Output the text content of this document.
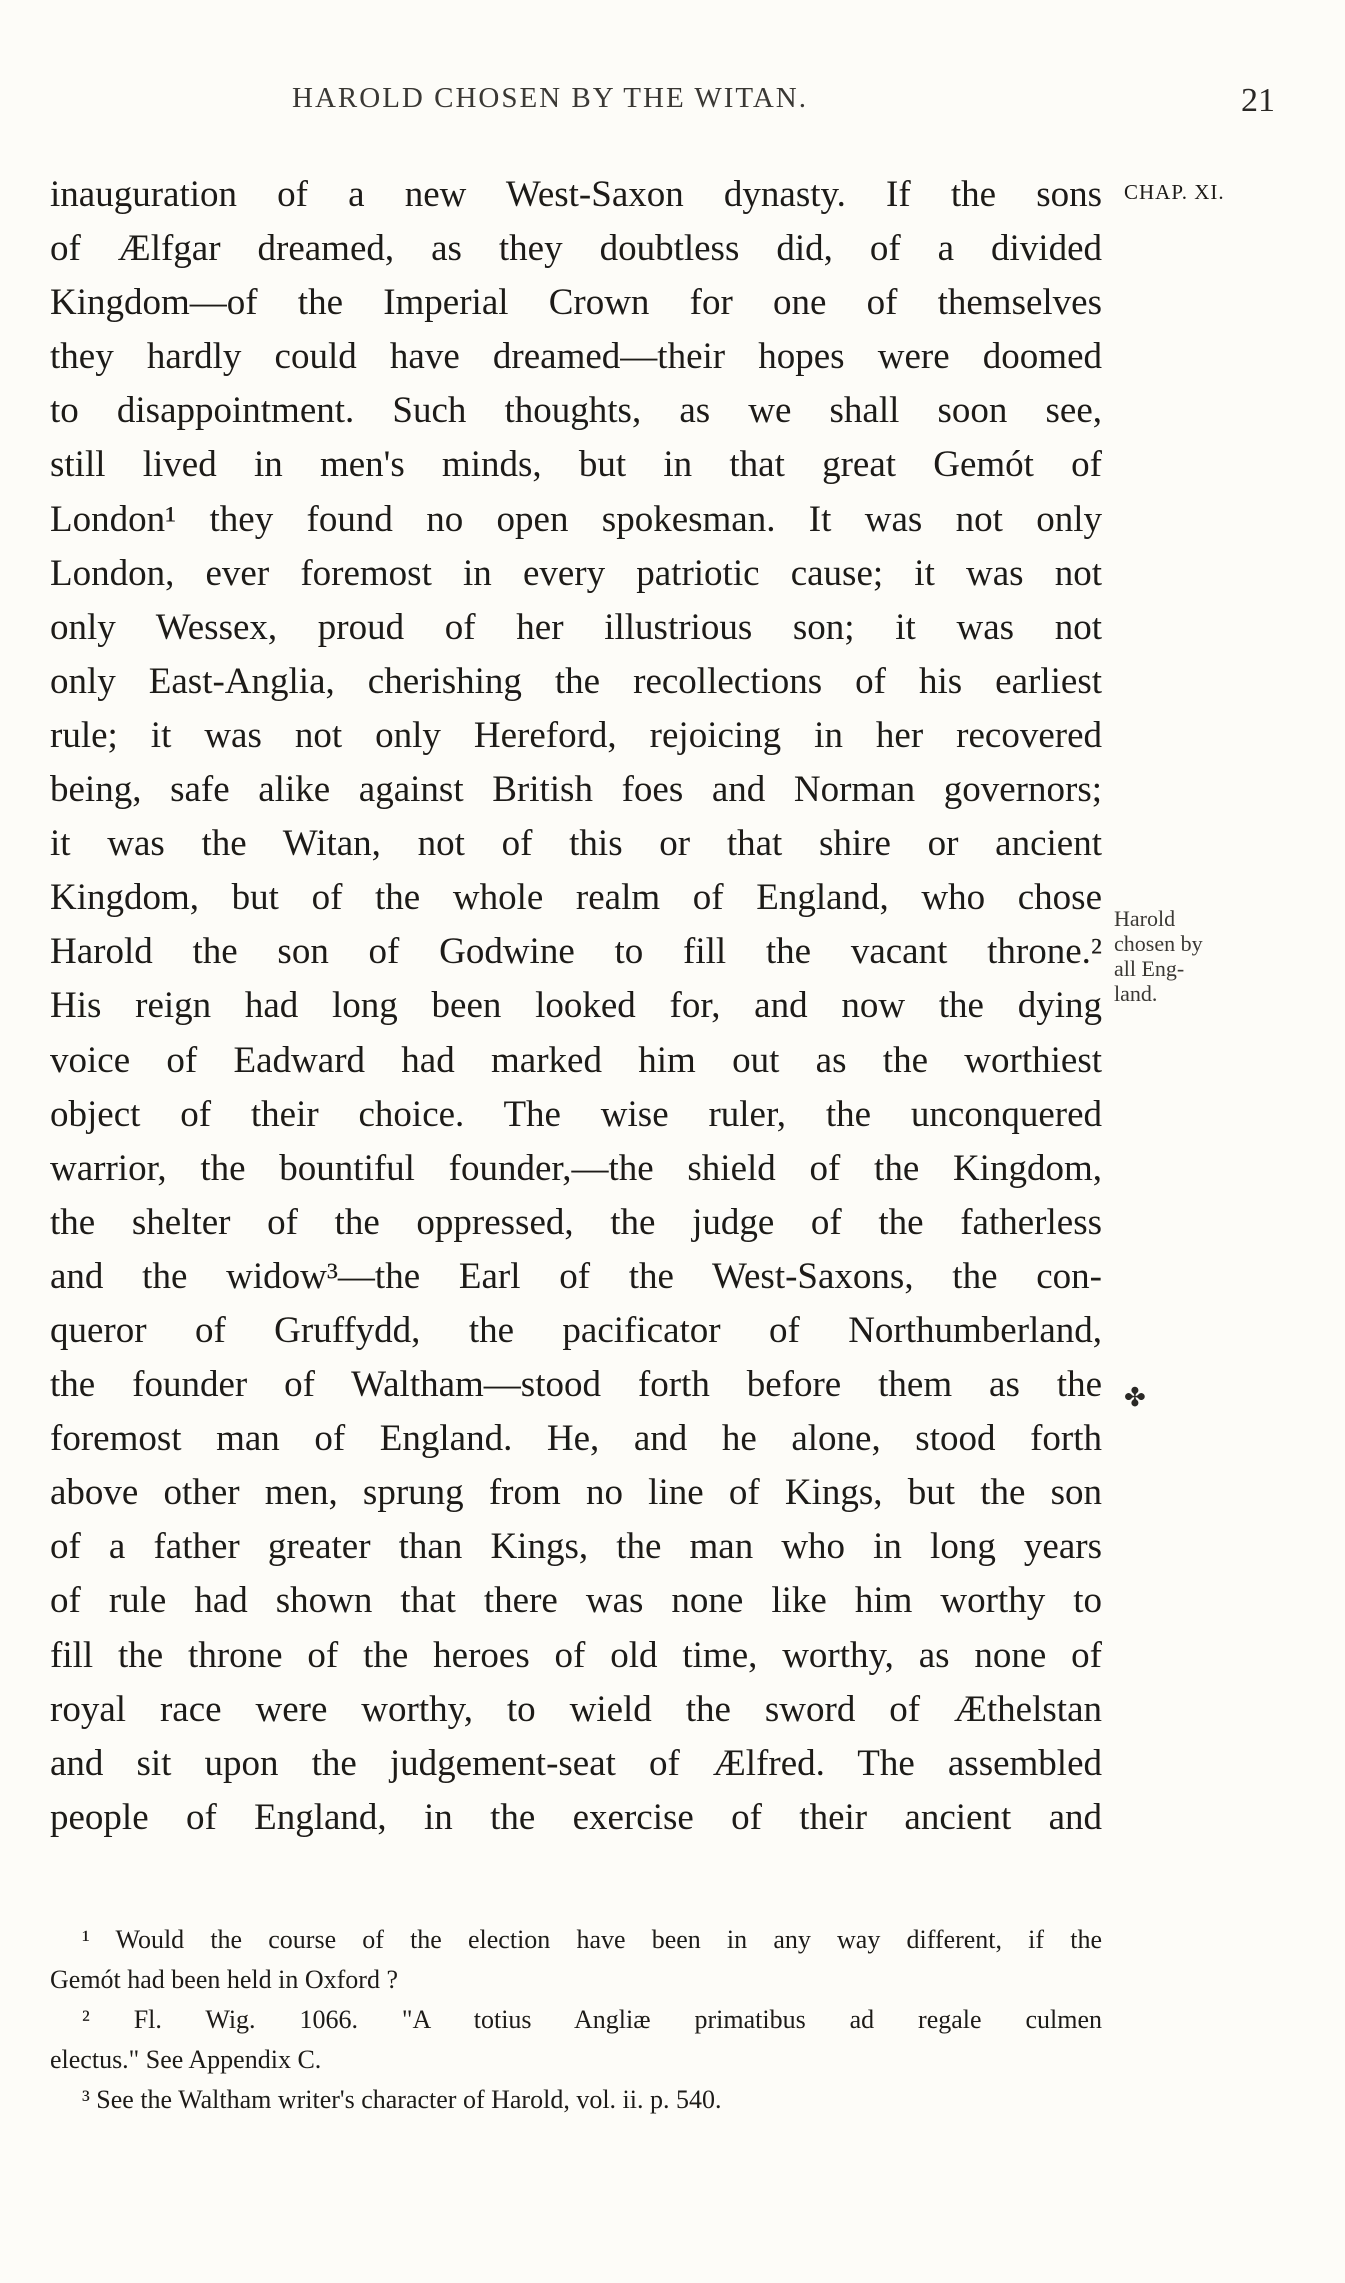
HAROLD CHOSEN BY THE WITAN.	21
inauguration of a new West-Saxon dynasty. If the sons
of Ælfgar dreamed, as they doubtless did, of a divided
Kingdom—of the Imperial Crown for one of themselves
they hardly could have dreamed—their hopes were doomed
to disappointment. Such thoughts, as we shall soon see,
still lived in men's minds, but in that great Gemót of
London¹ they found no open spokesman. It was not only
London, ever foremost in every patriotic cause; it was not
only Wessex, proud of her illustrious son; it was not
only East-Anglia, cherishing the recollections of his earliest
rule; it was not only Hereford, rejoicing in her recovered
being, safe alike against British foes and Norman governors;
it was the Witan, not of this or that shire or ancient
Kingdom, but of the whole realm of England, who chose
Harold the son of Godwine to fill the vacant throne.²
His reign had long been looked for, and now the dying
voice of Eadward had marked him out as the worthiest
object of their choice. The wise ruler, the unconquered
warrior, the bountiful founder,—the shield of the Kingdom,
the shelter of the oppressed, the judge of the fatherless
and the widow³—the Earl of the West-Saxons, the con-
queror of Gruffydd, the pacificator of Northumberland,
the founder of Waltham—stood forth before them as the
foremost man of England. He, and he alone, stood forth
above other men, sprung from no line of Kings, but the son
of a father greater than Kings, the man who in long years
of rule had shown that there was none like him worthy to
fill the throne of the heroes of old time, worthy, as none of
royal race were worthy, to wield the sword of Æthelstan
and sit upon the judgement-seat of Ælfred. The assembled
people of England, in the exercise of their ancient and
CHAP. XI.
Harold
chosen by
all Eng-
land.
✤
¹ Would the course of the election have been in any way different, if the
Gemót had been held in Oxford ?
² Fl. Wig. 1066. "A totius Angliæ primatibus ad regale culmen
electus." See Appendix C.
³ See the Waltham writer's character of Harold, vol. ii. p. 540.
